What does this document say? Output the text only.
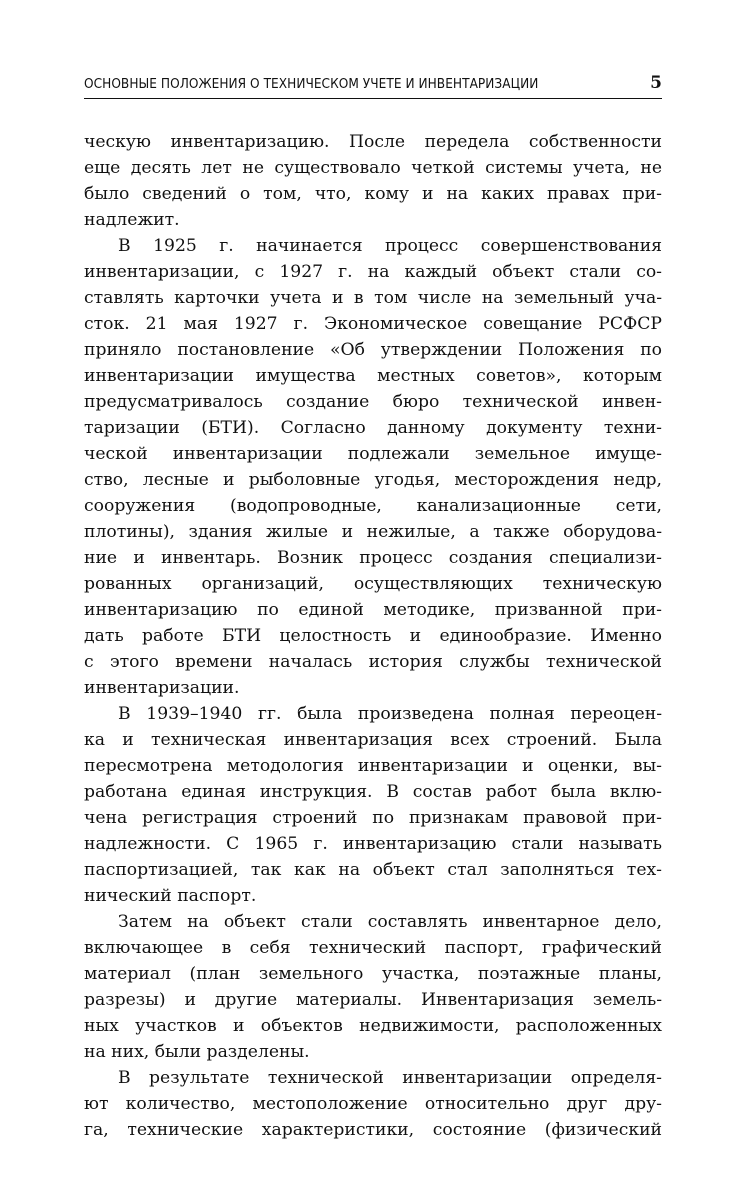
ОСНОВНЫЕ ПОЛОЖЕНИЯ О ТЕХНИЧЕСКОМ УЧЕТЕ И ИНВЕНТАРИЗАЦИИ	5
ческую инвентаризацию. После передела собственности
еще десять лет не существовало четкой системы учета, не
было сведений о том, что, кому и на каких правах при-
надлежит.
В 1925 г. начинается процесс совершенствования
инвентаризации, с 1927 г. на каждый объект стали со-
ставлять карточки учета и в том числе на земельный уча-
сток. 21 мая 1927 г. Экономическое совещание РСФСР
приняло постановление «Об утверждении Положения по
инвентаризации имущества местных советов», которым
предусматривалось создание бюро технической инвен-
таризации (БТИ). Согласно данному документу техни-
ческой инвентаризации подлежали земельное имуще-
ство, лесные и рыболовные угодья, месторождения недр,
сооружения (водопроводные, канализационные сети,
плотины), здания жилые и нежилые, а также оборудова-
ние и инвентарь. Возник процесс создания специализи-
рованных организаций, осуществляющих техническую
инвентаризацию по единой методике, призванной при-
дать работе БТИ целостность и единообразие. Именно
с этого времени началась история службы технической
инвентаризации.
В 1939–1940 гг. была произведена полная переоцен-
ка и техническая инвентаризация всех строений. Была
пересмотрена методология инвентаризации и оценки, вы-
работана единая инструкция. В состав работ была вклю-
чена регистрация строений по признакам правовой при-
надлежности. С 1965 г. инвентаризацию стали называть
паспортизацией, так как на объект стал заполняться тех-
нический паспорт.
Затем на объект стали составлять инвентарное дело,
включающее в себя технический паспорт, графический
материал (план земельного участка, поэтажные планы,
разрезы) и другие материалы. Инвентаризация земель-
ных участков и объектов недвижимости, расположенных
на них, были разделены.
В результате технической инвентаризации определя-
ют количество, местоположение относительно друг дру-
га, технические характеристики, состояние (физический
